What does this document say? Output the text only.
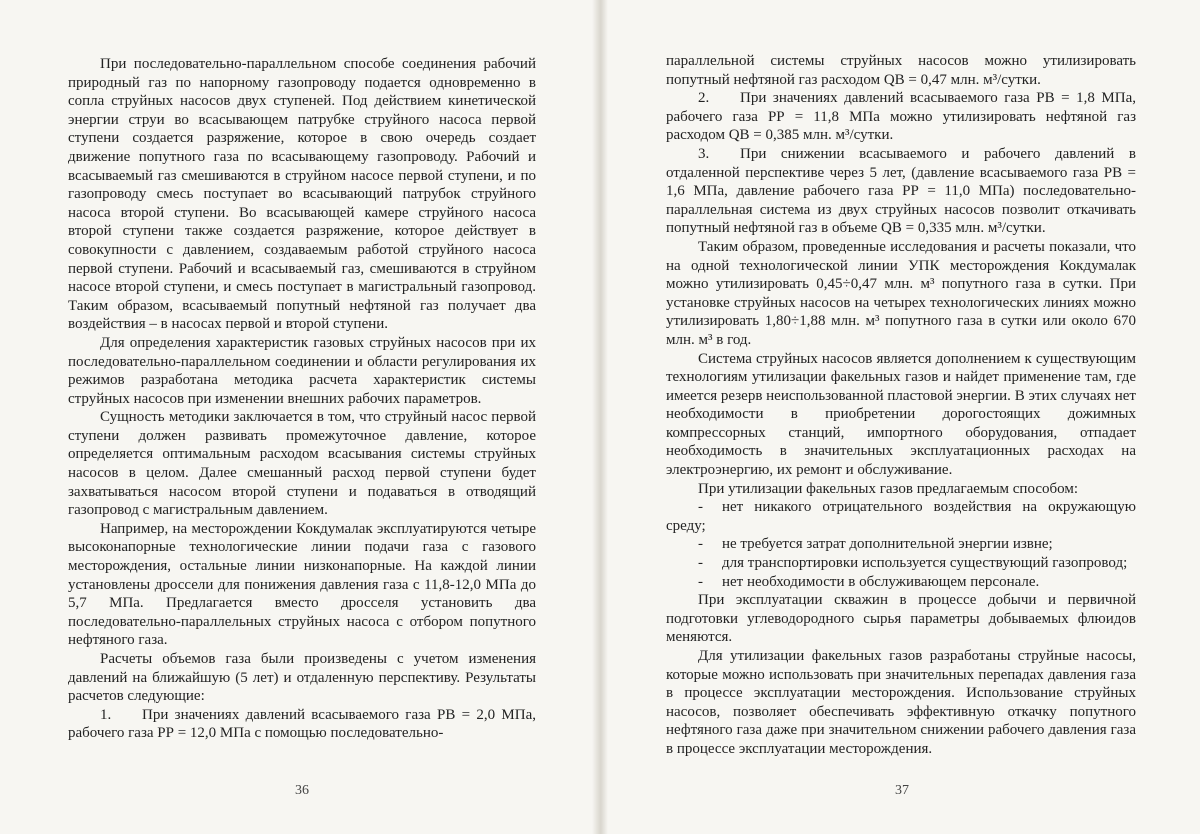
При последовательно-параллельном способе соединения рабочий природный газ по напорному газопроводу подается одновременно в сопла струйных насосов двух ступеней. Под действием кинетической энергии струи во всасывающем патрубке струйного насоса первой ступени создается разряжение, которое в свою очередь создает движение попутного газа по всасывающему газопроводу. Рабочий и всасываемый газ смешиваются в струйном насосе первой ступени, и по газопроводу смесь поступает во всасывающий патрубок струйного насоса второй ступени. Во всасывающей камере струйного насоса второй ступени также создается разряжение, которое действует в совокупности с давлением, создаваемым работой струйного насоса первой ступени. Рабочий и всасываемый газ, смешиваются в струйном насосе второй ступени, и смесь поступает в магистральный газопровод. Таким образом, всасываемый попутный нефтяной газ получает два воздействия – в насосах первой и второй ступени.

Для определения характеристик газовых струйных насосов при их последовательно-параллельном соединении и области регулирования их режимов разработана методика расчета характеристик системы струйных насосов при изменении внешних рабочих параметров.

Сущность методики заключается в том, что струйный насос первой ступени должен развивать промежуточное давление, которое определяется оптимальным расходом всасывания системы струйных насосов в целом. Далее смешанный расход первой ступени будет захватываться насосом второй ступени и подаваться в отводящий газопровод с магистральным давлением.

Например, на месторождении Кокдумалак эксплуатируются четыре высоконапорные технологические линии подачи газа с газового месторождения, остальные линии низконапорные. На каждой линии установлены дроссели для понижения давления газа с 11,8-12,0 МПа до 5,7 МПа. Предлагается вместо дросселя установить два последовательно-параллельных струйных насоса с отбором попутного нефтяного газа.

Расчеты объемов газа были произведены с учетом изменения давлений на ближайшую (5 лет) и отдаленную перспективу. Результаты расчетов следующие:

1. При значениях давлений всасываемого газа PВ = 2,0 МПа, рабочего газа PР = 12,0 МПа с помощью последовательно-

36

параллельной системы струйных насосов можно утилизировать попутный нефтяной газ расходом QВ = 0,47 млн. м³/сутки.

2. При значениях давлений всасываемого газа PВ = 1,8 МПа, рабочего газа PР = 11,8 МПа можно утилизировать нефтяной газ расходом QВ = 0,385 млн. м³/сутки.

3. При снижении всасываемого и рабочего давлений в отдаленной перспективе через 5 лет, (давление всасываемого газа PВ = 1,6 МПа, давление рабочего газа PР = 11,0 МПа) последовательно-параллельная система из двух струйных насосов позволит откачивать попутный нефтяной газ в объеме QВ = 0,335 млн. м³/сутки.

Таким образом, проведенные исследования и расчеты показали, что на одной технологической линии УПК месторождения Кокдумалак можно утилизировать 0,45÷0,47 млн. м³ попутного газа в сутки. При установке струйных насосов на четырех технологических линиях можно утилизировать 1,80÷1,88 млн. м³ попутного газа в сутки или около 670 млн. м³ в год.

Система струйных насосов является дополнением к существующим технологиям утилизации факельных газов и найдет применение там, где имеется резерв неиспользованной пластовой энергии. В этих случаях нет необходимости в приобретении дорогостоящих дожимных компрессорных станций, импортного оборудования, отпадает необходимость в значительных эксплуатационных расходах на электроэнергию, их ремонт и обслуживание.

При утилизации факельных газов предлагаемым способом:

- нет никакого отрицательного воздействия на окружающую среду;
- не требуется затрат дополнительной энергии извне;
- для транспортировки используется существующий газопровод;
- нет необходимости в обслуживающем персонале.

При эксплуатации скважин в процессе добычи и первичной подготовки углеводородного сырья параметры добываемых флюидов меняются.

Для утилизации факельных газов разработаны струйные насосы, которые можно использовать при значительных перепадах давления газа в процессе эксплуатации месторождения. Использование струйных насосов, позволяет обеспечивать эффективную откачку попутного нефтяного газа даже при значительном снижении рабочего давления газа в процессе эксплуатации месторождения.

37
